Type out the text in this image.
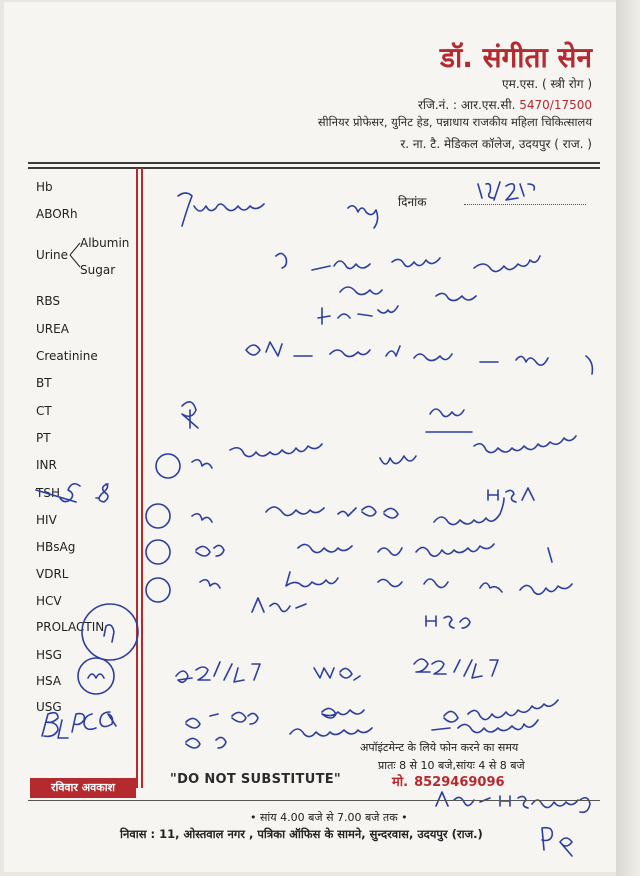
डॉ. संगीता सेन
एम.एस. ( स्त्री रोग )
रजि.नं. : आर.एस.सी. 5470/17500
सीनियर प्रोफेसर, युनिट हेड, पन्नाधाय राजकीय महिला चिकित्सालय
र. ना. टै. मेडिकल कॉलेज, उदयपुर ( राज. )
Hb
ABORh
RBS
UREA
Creatinine
BT
CT
PT
INR
TSH
HIV
HBsAg
VDRL
HCV
PROLACTIN
HSG
HSA
USG
Urine
Albumin
Sugar
दिनांक
अपॉइंटमेन्ट के लिये फोन करने का समय
प्रातः 8 से 10 बजे,सांयः 4 से 8 बजे
"DO NOT SUBSTITUTE"	मो. 8529469096
रविवार अवकाश
• सांय 4.00 बजे से 7.00 बजे तक •
निवास : 11, ओस्तवाल नगर , पत्रिका ऑफिस के सामने, सुन्दरवास, उदयपुर (राज.)
